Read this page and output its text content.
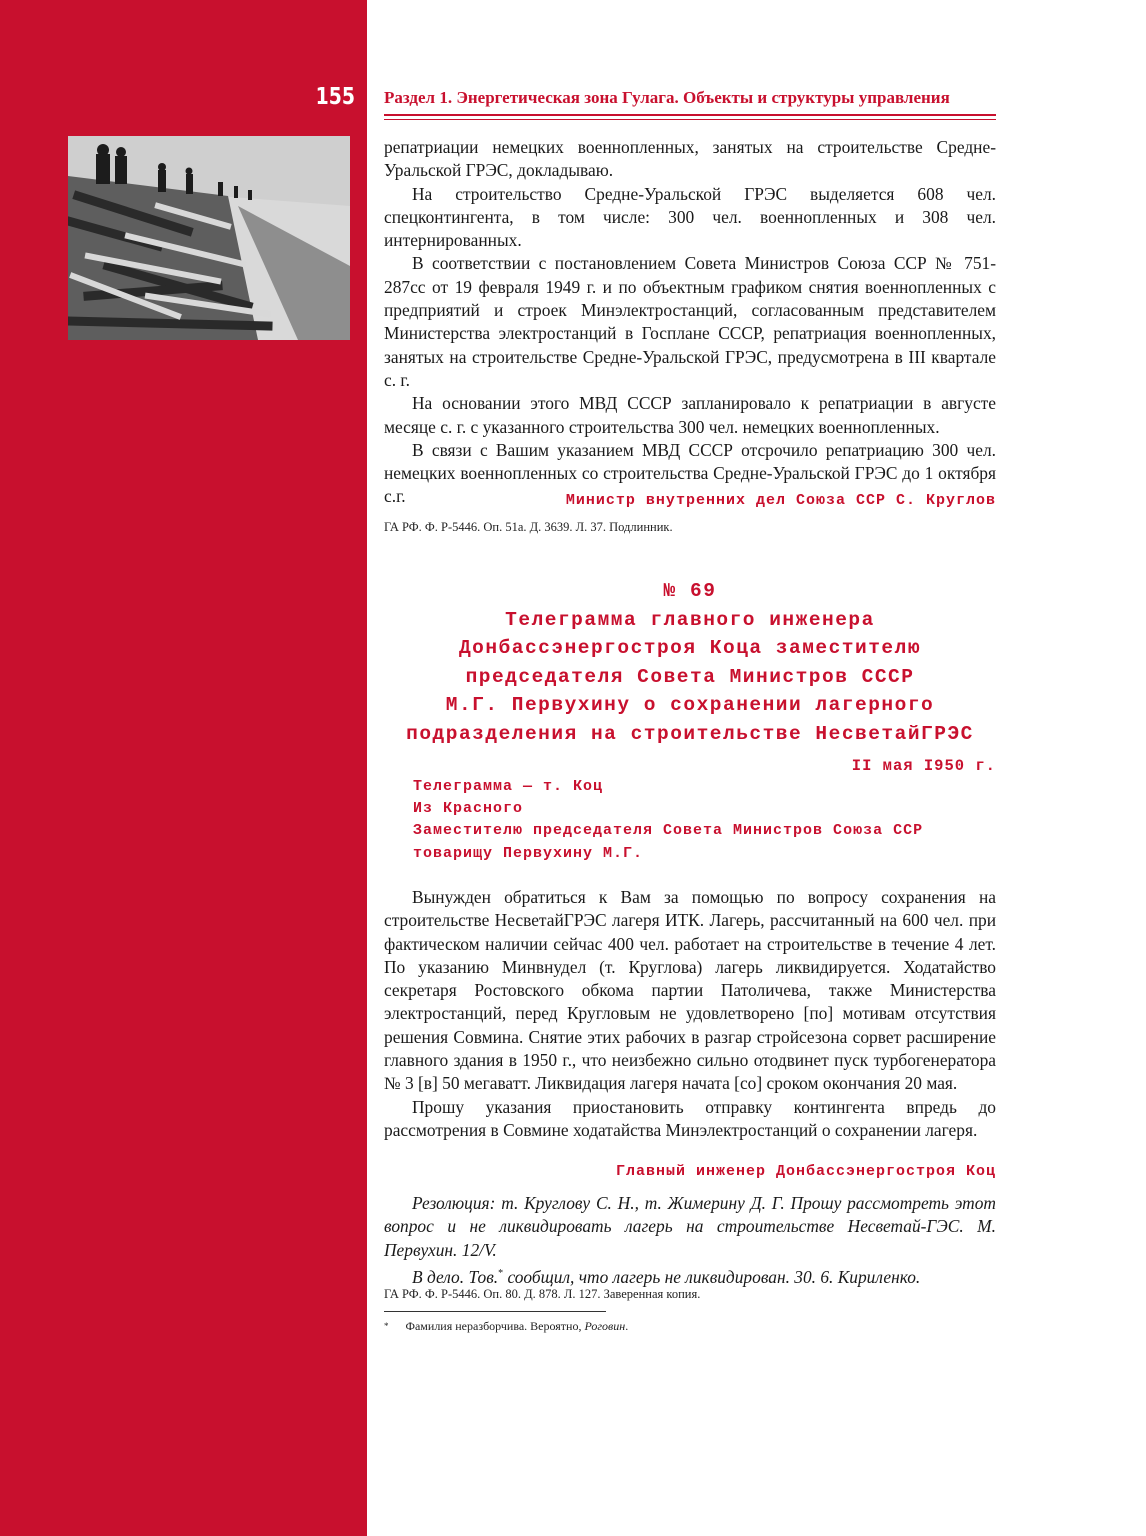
155 Раздел 1. Энергетическая зона Гулага. Объекты и структуры управления

репатриации немецких военнопленных, занятых на строительстве Средне-Уральской ГРЭС, докладываю.

На строительство Средне-Уральской ГРЭС выделяется 608 чел. спецконтингента, в том числе: 300 чел. военнопленных и 308 чел. интернированных.

В соответствии с постановлением Совета Министров Союза ССР № 751-287сс от 19 февраля 1949 г. и по объектным графиком снятия военнопленных с предприятий и строек Минэлектростанций, согласованным представителем Министерства электростанций в Госплане СССР, репатриация военнопленных, занятых на строительстве Средне-Уральской ГРЭС, предусмотрена в III квартале с. г.

На основании этого МВД СССР запланировало к репатриации в августе месяце с. г. с указанного строительства 300 чел. немецких военнопленных.

В связи с Вашим указанием МВД СССР отсрочило репатриацию 300 чел. немецких военнопленных со строительства Средне-Уральской ГРЭС до 1 октября с.г.	Министр внутренних дел Союза ССР С. Круглов
ГА РФ. Ф. Р-5446. Оп. 51а. Д. 3639. Л. 37. Подлинник.
№ 69
Телеграмма главного инженера
Донбассэнергостроя Коца заместителю
председателя Совета Министров СССР
М.Г. Первухину о сохранении лагерного
подразделения на строительстве НесветайГРЭС
II мая I950 г.
Телеграмма — т. Коц
Из Красного
Заместителю председателя Совета Министров Союза ССР
товарищу Первухину М.Г.

Вынужден обратиться к Вам за помощью по вопросу сохранения на строительстве НесветайГРЭС лагеря ИТК. Лагерь, рассчитанный на 600 чел. при фактическом наличии сейчас 400 чел. работает на строительстве в течение 4 лет. По указанию Минвнудел (т. Круглова) лагерь ликвидируется. Ходатайство секретаря Ростовского обкома партии Патоличева, также Министерства электростанций, перед Кругловым не удовлетворено [по] мотивам отсутствия решения Совмина. Снятие этих рабочих в разгар стройсезона сорвет расширение главного здания в 1950 г., что неизбежно сильно отодвинет пуск турбогенератора № 3 [в] 50 мегаватт. Ликвидация лагеря начата [со] сроком окончания 20 мая.

Прошу указания приостановить отправку контингента впредь до рассмотрения в Совмине ходатайства Минэлектростанций о сохранении лагеря.

Главный инженер Донбассэнергостроя Коц

Резолюция: т. Круглову С. Н., т. Жимерину Д. Г. Прошу рассмотреть этот вопрос и не ликвидировать лагерь на строительстве Несветай-ГЭС. М. Первухин. 12/V.

В дело. Тов.* сообщил, что лагерь не ликвидирован. 30. 6. Кириленко.

ГА РФ. Ф. Р-5446. Оп. 80. Д. 878. Л. 127. Заверенная копия.
* Фамилия неразборчива. Вероятно, Роговин.
